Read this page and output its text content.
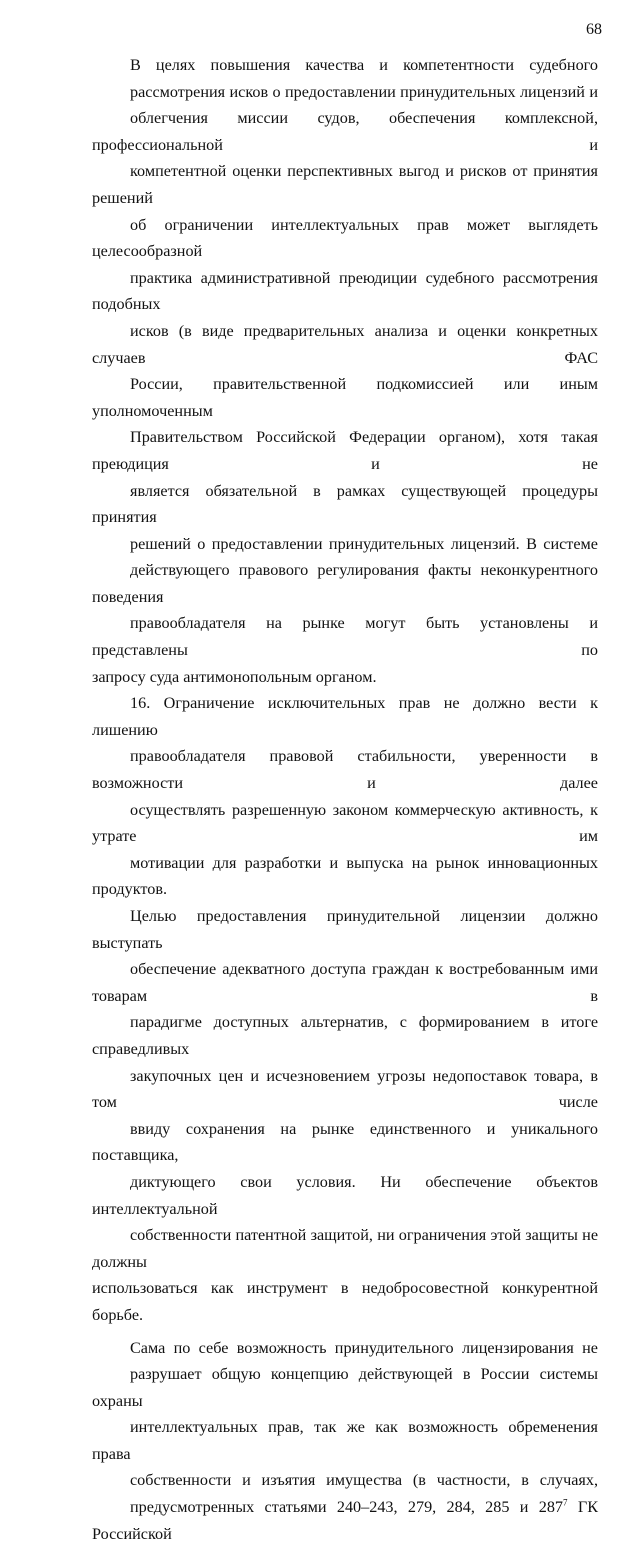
68

В целях повышения качества и компетентности судебного
рассмотрения исков о предоставлении принудительных лицензий и
облегчения миссии судов, обеспечения комплексной, профессиональной и
компетентной оценки перспективных выгод и рисков от принятия решений
об ограничении интеллектуальных прав может выглядеть целесообразной
практика административной преюдиции судебного рассмотрения подобных
исков (в виде предварительных анализа и оценки конкретных случаев ФАС
России, правительственной подкомиссией или иным уполномоченным
Правительством Российской Федерации органом), хотя такая преюдиция и не
является обязательной в рамках существующей процедуры принятия
решений о предоставлении принудительных лицензий. В системе
действующего правового регулирования факты неконкурентного поведения
правообладателя на рынке могут быть установлены и представлены по

запросу суда антимонопольным органом.

16. Ограничение исключительных прав не должно вести к лишению
правообладателя правовой стабильности, уверенности в возможности и далее
осуществлять разрешенную законом коммерческую активность, к утрате им
мотивации для разработки и выпуска на рынок инновационных продуктов.
Целью предоставления принудительной лицензии должно выступать
обеспечение адекватного доступа граждан к востребованным ими товарам в
парадигме доступных альтернатив, с формированием в итоге справедливых
закупочных цен и исчезновением угрозы недопоставок товара, в том числе
ввиду сохранения на рынке единственного и уникального поставщика,
диктующего свои условия. Ни обеспечение объектов интеллектуальной
собственности патентной защитой, ни ограничения этой защиты не должны

использоваться как инструмент в недобросовестной конкурентной борьбе.

Сама по себе возможность принудительного лицензирования не
разрушает общую концепцию действующей в России системы охраны
интеллектуальных прав, так же как возможность обременения права
собственности и изъятия имущества (в частности, в случаях,
предусмотренных статьями 240–243, 279, 284, 285 и $287^7$ ГК Российской
